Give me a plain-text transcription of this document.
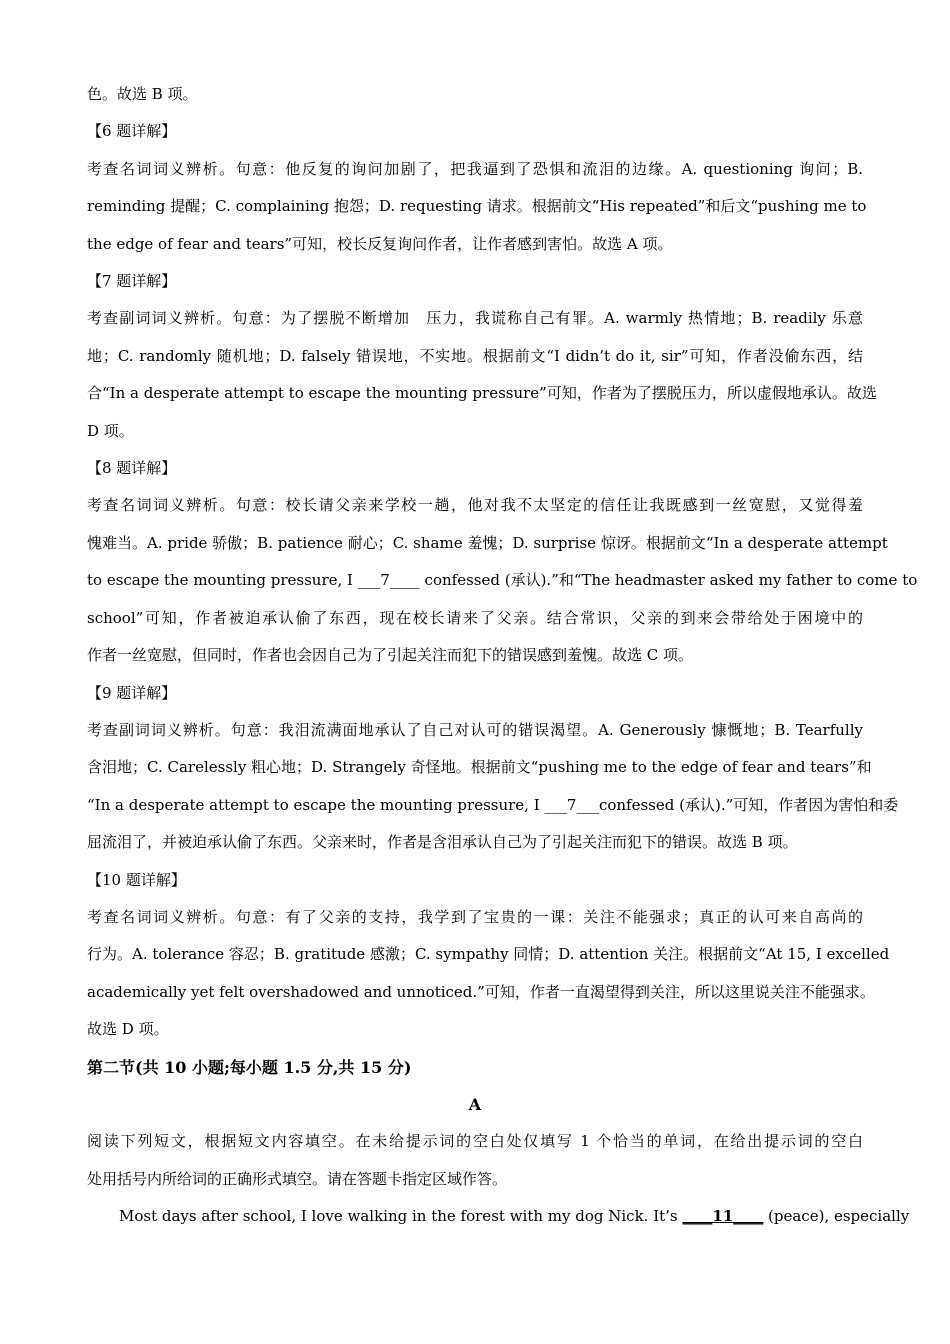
色。故选 B 项。
【6 题详解】
考查名词词义辨析。句意：他反复的询问加剧了，把我逼到了恐惧和流泪的边缘。A. questioning 询问；B.
reminding 提醒；C. complaining 抱怨；D. requesting 请求。根据前文“His repeated”和后文“pushing me to
the edge of fear and tears”可知，校长反复询问作者，让作者感到害怕。故选 A 项。
【7 题详解】
考查副词词义辨析。句意：为了摆脱不断增加　压力，我谎称自己有罪。A. warmly 热情地；B. readily 乐意
地；C. randomly 随机地；D. falsely 错误地，不实地。根据前文“I didn’t do it, sir”可知，作者没偷东西，结
合“In a desperate attempt to escape the mounting pressure”可知，作者为了摆脱压力，所以虚假地承认。故选
D 项。
【8 题详解】
考查名词词义辨析。句意：校长请父亲来学校一趟，他对我不太坚定的信任让我既感到一丝宽慰，又觉得羞
愧难当。A. pride 骄傲；B. patience 耐心；C. shame 羞愧；D. surprise 惊讶。根据前文“In a desperate attempt
to escape the mounting pressure, I ___7____ confessed (承认).”和“The headmaster asked my father to come to
school”可知，作者被迫承认偷了东西，现在校长请来了父亲。结合常识，父亲的到来会带给处于困境中的
作者一丝宽慰，但同时，作者也会因自己为了引起关注而犯下的错误感到羞愧。故选 C 项。
【9 题详解】
考查副词词义辨析。句意：我泪流满面地承认了自己对认可的错误渴望。A. Generously 慷慨地；B. Tearfully
含泪地；C. Carelessly 粗心地；D. Strangely 奇怪地。根据前文“pushing me to the edge of fear and tears”和
“In a desperate attempt to escape the mounting pressure, I ___7___confessed (承认).”可知，作者因为害怕和委
屈流泪了，并被迫承认偷了东西。父亲来时，作者是含泪承认自己为了引起关注而犯下的错误。故选 B 项。
【10 题详解】
考查名词词义辨析。句意：有了父亲的支持，我学到了宝贵的一课：关注不能强求；真正的认可来自高尚的
行为。A. tolerance 容忍；B. gratitude 感激；C. sympathy 同情；D. attention 关注。根据前文“At 15, I excelled
academically yet felt overshadowed and unnoticed.”可知，作者一直渴望得到关注，所以这里说关注不能强求。
故选 D 项。
第二节(共 10 小题;每小题 1.5 分,共 15 分)
A
阅读下列短文，根据短文内容填空。在未给提示词的空白处仅填写 1 个恰当的单词，在给出提示词的空白
处用括号内所给词的正确形式填空。请在答题卡指定区域作答。
Most days after school, I love walking in the forest with my dog Nick. It’s ____11____ (peace), especially
